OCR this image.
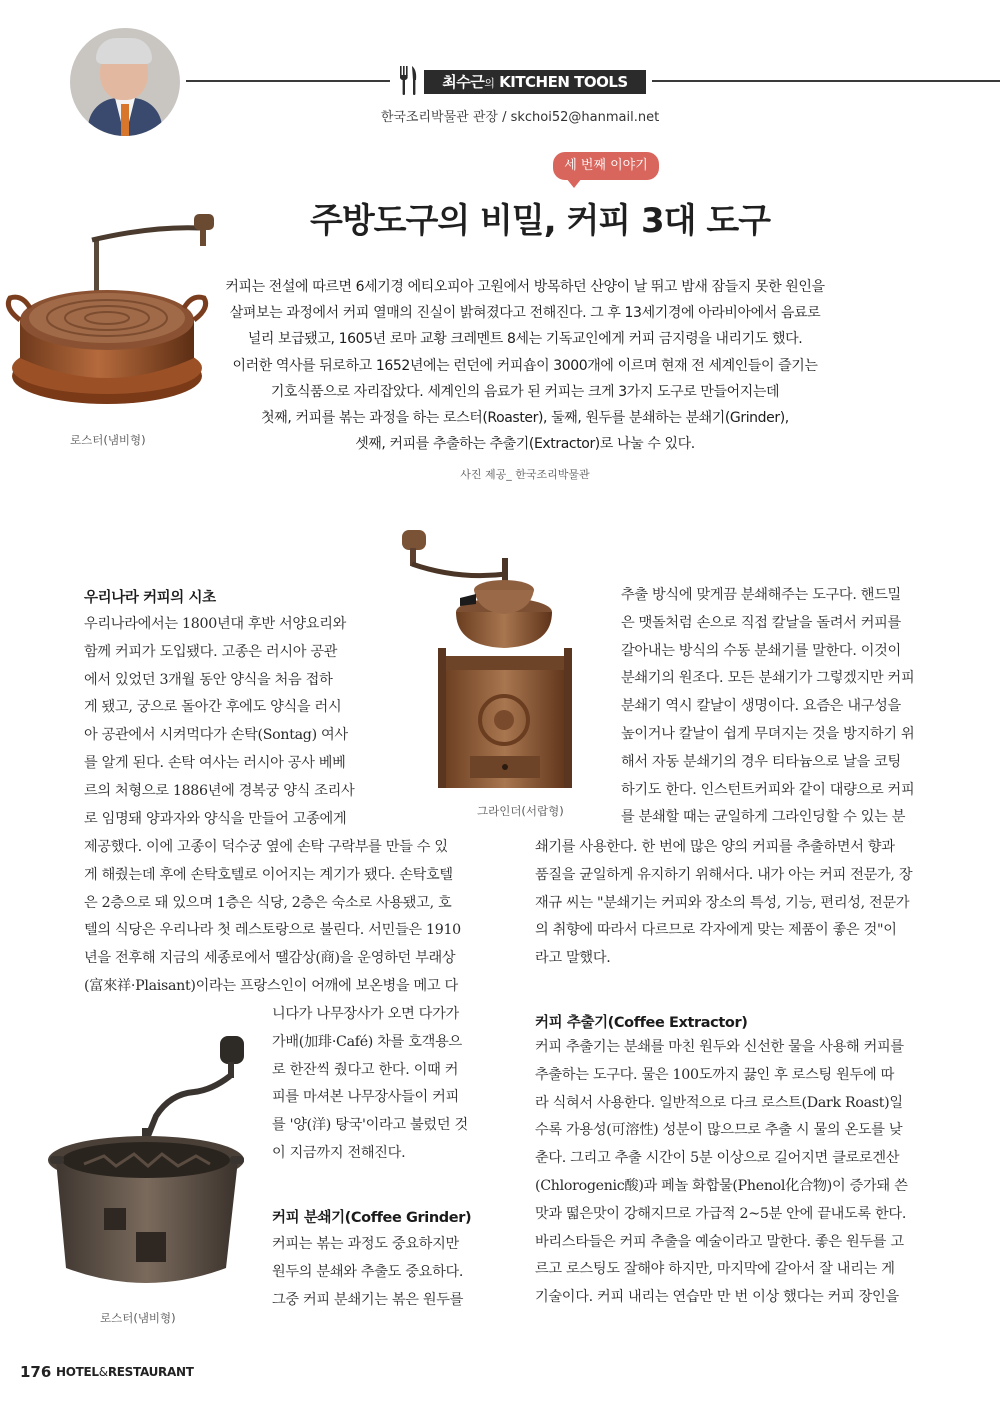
최수근의 KITCHEN TOOLS
한국조리박물관 관장 / skchoi52@hanmail.net
세 번째 이야기
주방도구의 비밀, 커피 3대 도구
로스터(냄비형)
커피는 전설에 따르면 6세기경 에티오피아 고원에서 방목하던 산양이 날 뛰고 밤새 잠들지 못한 원인을
살펴보는 과정에서 커피 열매의 진실이 밝혀졌다고 전해진다. 그 후 13세기경에 아라비아에서 음료로
널리 보급됐고, 1605년 로마 교황 크레멘트 8세는 기독교인에게 커피 금지령을 내리기도 했다.
이러한 역사를 뒤로하고 1652년에는 런던에 커피숍이 3000개에 이르며 현재 전 세계인들이 즐기는
기호식품으로 자리잡았다. 세계인의 음료가 된 커피는 크게 3가지 도구로 만들어지는데
첫째, 커피를 볶는 과정을 하는 로스터(Roaster), 둘째, 원두를 분쇄하는 분쇄기(Grinder),
셋째, 커피를 추출하는 추출기(Extractor)로 나눌 수 있다.
사진 제공_ 한국조리박물관
그라인더(서랍형)
로스터(냄비형)
우리나라 커피의 시초
우리나라에서는 1800년대 후반 서양요리와
함께 커피가 도입됐다. 고종은 러시아 공관
에서 있었던 3개월 동안 양식을 처음 접하
게 됐고, 궁으로 돌아간 후에도 양식을 러시
아 공관에서 시켜먹다가 손탁(Sontag) 여사
를 알게 된다. 손탁 여사는 러시아 공사 베베
르의 처형으로 1886년에 경복궁 양식 조리사
로 임명돼 양과자와 양식을 만들어 고종에게
제공했다. 이에 고종이 덕수궁 옆에 손탁 구락부를 만들 수 있
게 해줬는데 후에 손탁호텔로 이어지는 계기가 됐다. 손탁호텔
은 2층으로 돼 있으며 1층은 식당, 2층은 숙소로 사용됐고, 호
텔의 식당은 우리나라 첫 레스토랑으로 불린다. 서민들은 1910
년을 전후해 지금의 세종로에서 땔감상(商)을 운영하던 부래상
(富來祥·Plaisant)이라는 프랑스인이 어깨에 보온병을 메고 다
니다가 나무장사가 오면 다가가
가배(加琲·Café) 차를 호객용으
로 한잔씩 줬다고 한다. 이때 커
피를 마셔본 나무장사들이 커피
를 '양(洋) 탕국'이라고 불렀던 것
이 지금까지 전해진다.
커피 분쇄기(Coffee Grinder)
커피는 볶는 과정도 중요하지만
원두의 분쇄와 추출도 중요하다.
그중 커피 분쇄기는 볶은 원두를
추출 방식에 맞게끔 분쇄해주는 도구다. 핸드밀
은 맷돌처럼 손으로 직접 칼날을 돌려서 커피를
갈아내는 방식의 수동 분쇄기를 말한다. 이것이
분쇄기의 원조다. 모든 분쇄기가 그렇겠지만 커피
분쇄기 역시 칼날이 생명이다. 요즘은 내구성을
높이거나 칼날이 쉽게 무뎌지는 것을 방지하기 위
해서 자동 분쇄기의 경우 티타늄으로 날을 코팅
하기도 한다. 인스턴트커피와 같이 대량으로 커피
를 분쇄할 때는 균일하게 그라인딩할 수 있는 분
쇄기를 사용한다. 한 번에 많은 양의 커피를 추출하면서 향과
품질을 균일하게 유지하기 위해서다. 내가 아는 커피 전문가, 장
재규 씨는 "분쇄기는 커피와 장소의 특성, 기능, 편리성, 전문가
의 취향에 따라서 다르므로 각자에게 맞는 제품이 좋은 것"이
라고 말했다.
커피 추출기(Coffee Extractor)
커피 추출기는 분쇄를 마친 원두와 신선한 물을 사용해 커피를
추출하는 도구다. 물은 100도까지 끓인 후 로스팅 원두에 따
라 식혀서 사용한다. 일반적으로 다크 로스트(Dark Roast)일
수록 가용성(可溶性) 성분이 많으므로 추출 시 물의 온도를 낮
춘다. 그리고 추출 시간이 5분 이상으로 길어지면 클로로겐산
(Chlorogenic酸)과 페놀 화합물(Phenol化合物)이 증가돼 쓴
맛과 떫은맛이 강해지므로 가급적 2~5분 안에 끝내도록 한다.
바리스타들은 커피 추출을 예술이라고 말한다. 좋은 원두를 고
르고 로스팅도 잘해야 하지만, 마지막에 갈아서 잘 내리는 게
기술이다. 커피 내리는 연습만 만 번 이상 했다는 커피 장인을
176 HOTEL&RESTAURANT
